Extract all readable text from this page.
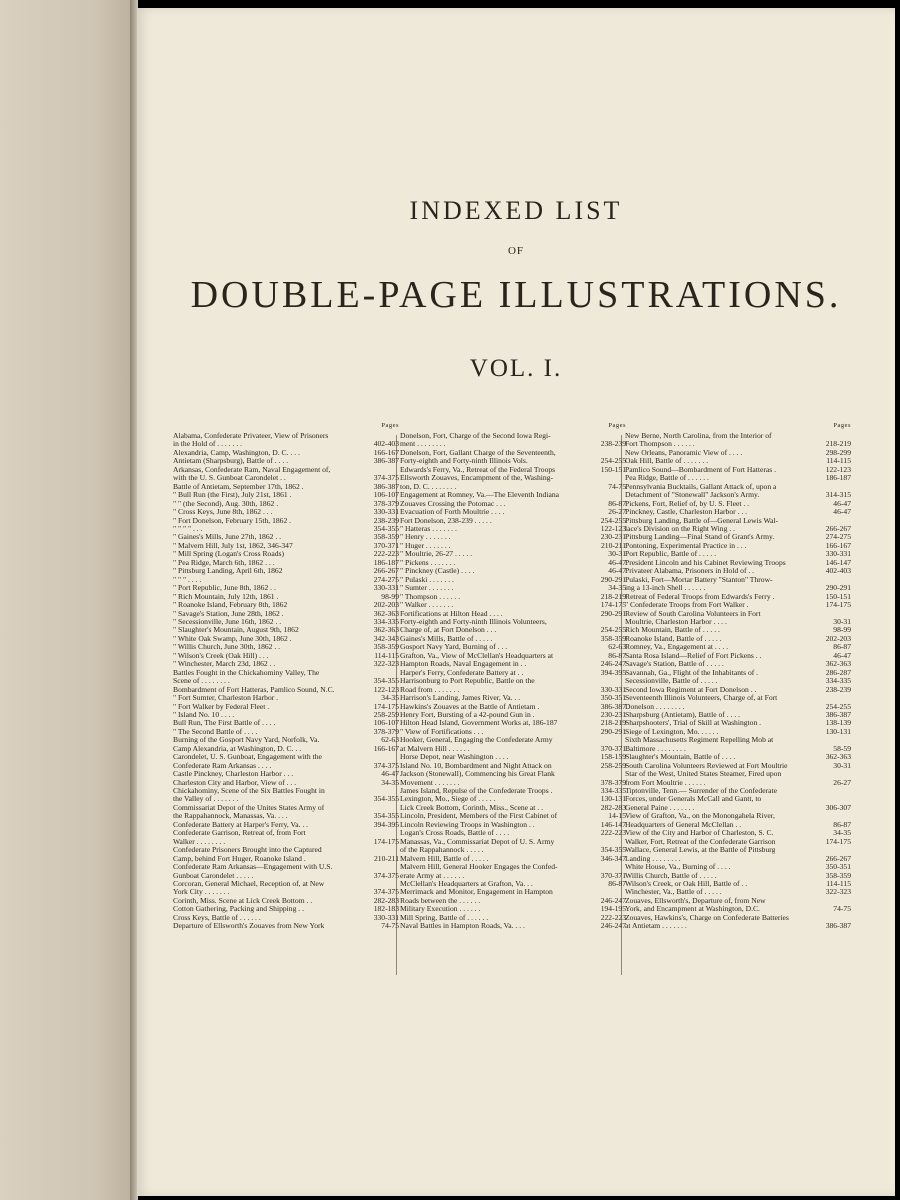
INDEXED LIST
OF
DOUBLE-PAGE ILLUSTRATIONS.
VOL. I.
Pages
Alabama, Confederate Privateer, View of Prisoners
in the Hold of . . . . . . .	402-403
Alexandria, Camp, Washington, D. C. . . .	166-167
Antietam (Sharpsburg), Battle of . . . .	386-387
Arkansas, Confederate Ram, Naval Engagement of,
with the U. S. Gunboat Carondelet . .	374-375
Battle of Antietam, September 17th, 1862 .	386-387
" Bull Run (the First), July 21st, 1861 .	106-107
" " (the Second), Aug. 30th, 1862 .	378-379
" Cross Keys, June 8th, 1862 . . .	330-331
" Fort Donelson, February 15th, 1862 .	238-239
" " " " . . .	354-355
" Gaines's Mills, June 27th, 1862 . .	358-359
" Malvern Hill, July 1st, 1862, 346-347	370-371
" Mill Spring (Logan's Cross Roads)	222-223
" Pea Ridge, March 6th, 1862 . . .	186-187
" Pittsburg Landing, April 6th, 1862	266-267
" " " . . . .	274-275
" Port Republic, June 8th, 1862 . .	330-331
" Rich Mountain, July 12th, 1861 .	98-99
" Roanoke Island, February 8th, 1862	202-203
" Savage's Station, June 28th, 1862 .	362-363
" Secessionville, June 16th, 1862 . .	334-335
" Slaughter's Mountain, August 9th, 1862	362-363
" White Oak Swamp, June 30th, 1862 .	342-343
" Willis Church, June 30th, 1862 . .	358-359
" Wilson's Creek (Oak Hill) . . .	114-115
" Winchester, March 23d, 1862 . .	322-323
Battles Fought in the Chickahominy Valley, The
Scene of . . . . . . . .	354-355
Bombardment of Fort Hatteras, Pamlico Sound, N.C.	122-123
" Fort Sumter, Charleston Harbor .	34-35
" Fort Walker by Federal Fleet .	174-175
" Island No. 10 . . . .	258-259
Bull Run, The First Battle of . . . .	106-107
" The Second Battle of . . . .	378-379
Burning of the Gosport Navy Yard, Norfolk, Va.	62-63
Camp Alexandria, at Washington, D. C. . .	166-167
Carondelet, U. S. Gunboat, Engagement with the
Confederate Ram Arkansas . . . .	374-375
Castle Pinckney, Charleston Harbor . . .	46-47
Charleston City and Harbor, View of . . .	34-35
Chickahominy, Scene of the Six Battles Fought in
the Valley of . . . . . . .	354-355
Commissariat Depot of the Unites States Army of
the Rappahannock, Manassas, Va. . . .	354-355
Confederate Battery at Harper's Ferry, Va. . .	394-395
Confederate Garrison, Retreat of, from Fort
Walker . . . . . . . .	174-175
Confederate Prisoners Brought into the Captured
Camp, behind Fort Huger, Roanoke Island .	210-211
Confederate Ram Arkansas—Engagement with U.S.
Gunboat Carondelet . . . . .	374-375
Corcoran, General Michael, Reception of, at New
York City . . . . . . .	374-375
Corinth, Miss. Scene at Lick Creek Bottom . .	282-283
Cotton Gathering, Packing and Shipping . .	182-183
Cross Keys, Battle of . . . . . .	330-331
Departure of Ellsworth's Zouaves from New York	74-75
Pages
Donelson, Fort, Charge of the Second Iowa Regi-
ment . . . . . . . .	238-239
Donelson, Fort, Gallant Charge of the Seventeenth,
Forty-eighth and Forty-ninth Illinois Vols.	254-255
Edwards's Ferry, Va., Retreat of the Federal Troops	150-151
Ellsworth Zouaves, Encampment of the, Washing-
ton, D. C. . . . . . . .	74-75
Engagement at Romney, Va.—The Eleventh Indiana
Zouaves Crossing the Potomac . . .	86-87
Evacuation of Forth Moultrie . . . .	26-27
Fort Donelson, 238-239 . . . . .	254-255
" Hatteras . . . . . . .	122-123
" Henry . . . . . . .	230-231
" Huger . . . . . . .	210-211
" Moultrie, 26-27 . . . . .	30-31
" Pickens . . . . . . .	46-47
" Pinckney (Castle) . . . .	46-47
" Pulaski . . . . . . .	290-291
" Sumter . . . . . . .	34-35
" Thompson . . . . . .	218-219
" Walker . . . . . . .	174-175
Fortifications at Hilton Head . . . .	290-291
Forty-eighth and Forty-ninth Illinois Volunteers,
Charge of, at Fort Donelson . . .	254-255
Gaines's Mills, Battle of . . . . .	358-359
Gosport Navy Yard, Burning of . . .	62-63
Grafton, Va., View of McClellan's Headquarters at	86-87
Hampton Roads, Naval Engagement in . .	246-247
Harper's Ferry, Confederate Battery at . .	394-395
Harrisonburg to Port Republic, Battle on the
Road from . . . . . . .	330-331
Harrison's Landing, James River, Va. . .	350-351
Hawkins's Zouaves at the Battle of Antietam .	386-387
Henry Fort, Bursting of a 42-pound Gun in .	230-231
Hilton Head Island, Government Works at, 186-187	218-219
" View of Fortifications . . .	290-291
Hooker, General, Engaging the Confederate Army
at Malvern Hill . . . . . .	370-371
Horse Depot, near Washington . . . .	158-159
Island No. 10, Bombardment and Night Attack on	258-259
Jackson (Stonewall), Commencing his Great Flank
Movement . . . . . . .	378-379
James Island, Repulse of the Confederate Troops .	334-335
Lexington, Mo., Siege of . . . . .	130-131
Lick Creek Bottom, Corinth, Miss., Scene at . .	282-283
Lincoln, President, Members of the First Cabinet of	14-15
Lincoln Reviewing Troops in Washington . .	146-147
Logan's Cross Roads, Battle of . . . .	222-223
Manassas, Va., Commissariat Depot of U. S. Army
of the Rappahannock . . . . .	354-355
Malvern Hill, Battle of . . . . .	346-347
Malvern Hill, General Hooker Engages the Confed-
erate Army at . . . . . .	370-371
McClellan's Headquarters at Grafton, Va. . .	86-87
Merrimack and Monitor, Engagement in Hampton
Roads between the . . . . . .	246-247
Military Execution . . . . . .	194-195
Mill Spring, Battle of . . . . . .	222-223
Naval Battles in Hampton Roads, Va. . . .	246-247
Pages
New Berne, North Carolina, from the Interior of
Fort Thompson . . . . . .	218-219
New Orleans, Panoramic View of . . . .	298-299
Oak Hill, Battle of . . . . . . .	114-115
Pamlico Sound—Bombardment of Fort Hatteras .	122-123
Pea Ridge, Battle of . . . . . .	186-187
Pennsylvania Bucktails, Gallant Attack of, upon a
Detachment of "Stonewall" Jackson's Army.	314-315
Pickens, Fort, Relief of, by U. S. Fleet . .	46-47
Pinckney, Castle, Charleston Harbor . . .	46-47
Pittsburg Landing, Battle of—General Lewis Wal-
lace's Division on the Right Wing . .	266-267
Pittsburg Landing—Final Stand of Grant's Army.	274-275
Pontoning, Experimental Practice in . . .	166-167
Port Republic, Battle of . . . . .	330-331
President Lincoln and his Cabinet Reviewing Troops	146-147
Privateer Alabama, Prisoners in Hold of . .	402-403
Pulaski, Fort—Mortar Battery "Stanton" Throw-
ing a 13-inch Shell . . . . . .	290-291
Retreat of Federal Troops from Edwards's Ferry .	150-151
" Confederate Troops from Fort Walker .	174-175
Review of South Carolina Volunteers in Fort
Moultrie, Charleston Harbor . . . .	30-31
Rich Mountain, Battle of . . . . .	98-99
Roanoke Island, Battle of . . . . .	202-203
Romney, Va., Engagement at . . . .	86-87
Santa Rosa Island—Relief of Fort Pickens . .	46-47
Savage's Station, Battle of . . . . .	362-363
Savannah, Ga., Flight of the Inhabitants of .	286-287
Secessionville, Battle of . . . . .	334-335
Second Iowa Regiment at Fort Donelson . .	238-239
Seventeenth Illinois Volunteers, Charge of, at Fort
Donelson . . . . . . . .	254-255
Sharpsburg (Antietam), Battle of . . . .	386-387
Sharpshooters', Trial of Skill at Washington .	138-139
Siege of Lexington, Mo. . . . . .	130-131
Sixth Massachusetts Regiment Repelling Mob at
Baltimore . . . . . . . .	58-59
Slaughter's Mountain, Battle of . . . .	362-363
South Carolina Volunteers Reviewed at Fort Moultrie	30-31
Star of the West, United States Steamer, Fired upon
from Fort Moultrie . . . . . .	26-27
Tiptonville, Tenn.— Surrender of the Confederate
Forces, under Generals McCall and Gantt, to
General Paine . . . . . . .	306-307
View of Grafton, Va., on the Monongahela River,
Headquarters of General McClellan . .	86-87
View of the City and Harbor of Charleston, S. C.	34-35
Walker, Fort, Retreat of the Confederate Garrison	174-175
Wallace, General Lewis, at the Battle of Pittsburg
Landing . . . . . . . .	266-267
White House, Va., Burning of . . . .	350-351
Willis Church, Battle of . . . . .	358-359
Wilson's Creek, or Oak Hill, Battle of . .	114-115
Winchester, Va., Battle of . . . . .	322-323
Zouaves, Ellsworth's, Departure of, from New
York, and Encampment at Washington, D.C.	74-75
Zouaves, Hawkins's, Charge on Confederate Batteries
at Antietam . . . . . . .	386-387
